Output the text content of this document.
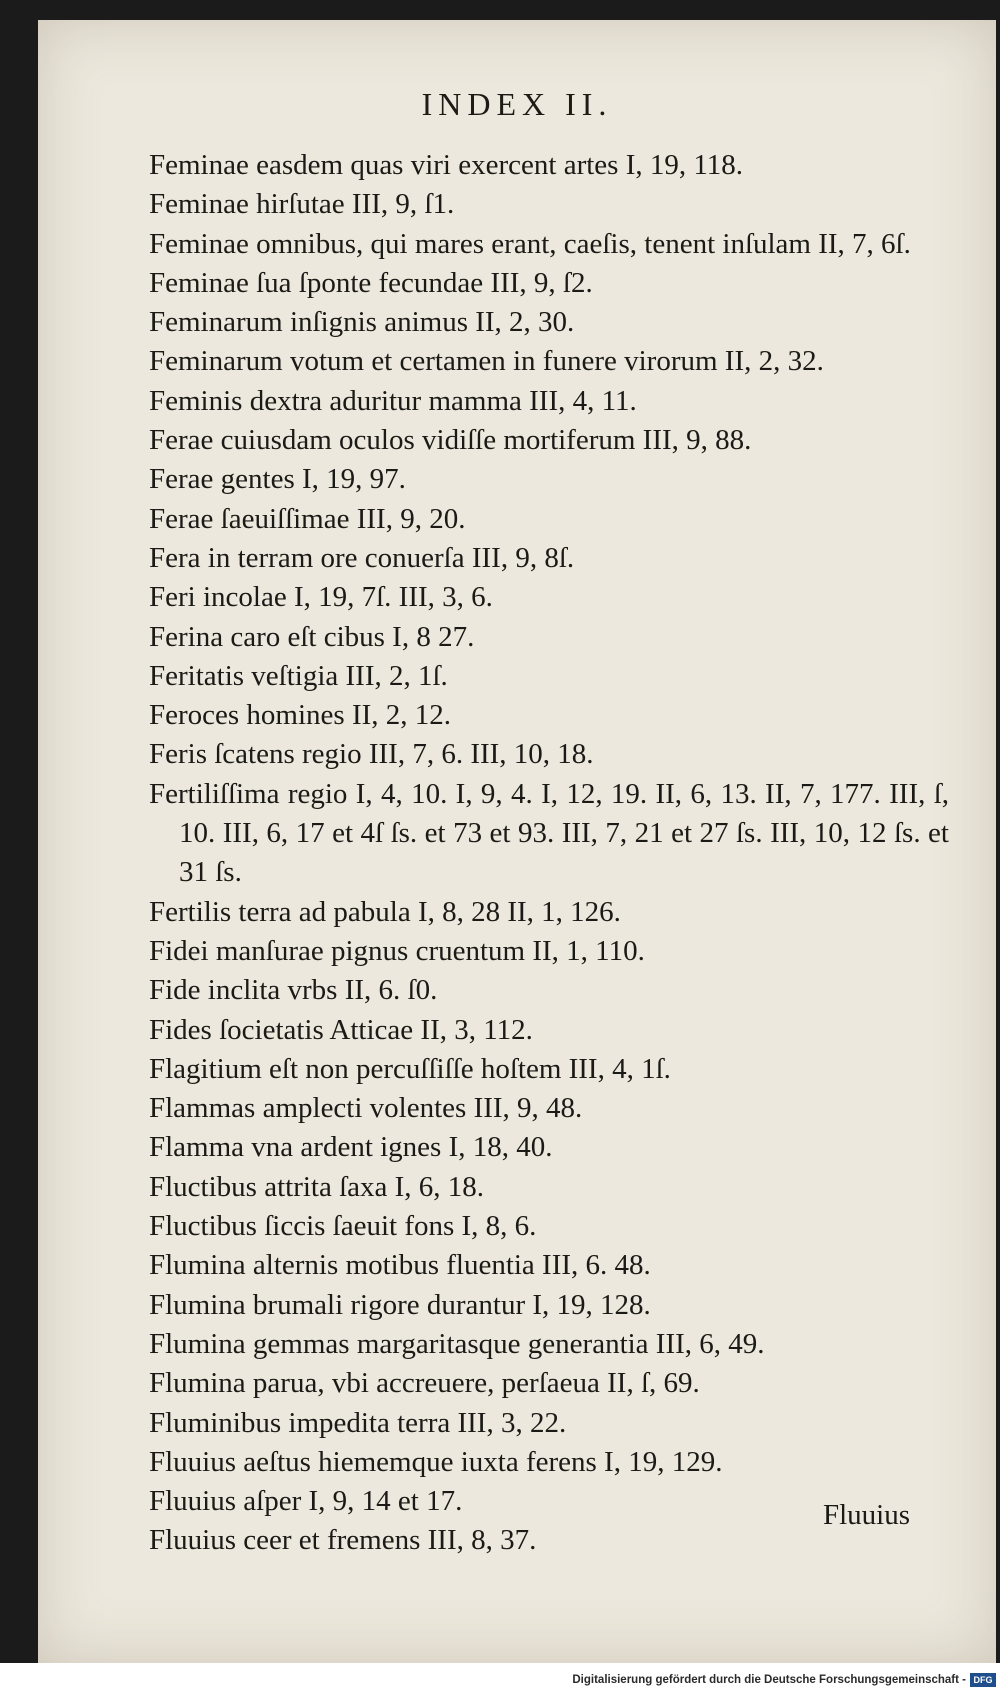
INDEX II.
Feminae easdem quas viri exercent artes I, 19, 118.
Feminae hirſutae III, 9, ſ1.
Feminae omnibus, qui mares erant, caeſis, tenent inſulam II, 7, 6ſ.
Feminae ſua ſponte fecundae III, 9, ſ2.
Feminarum inſignis animus II, 2, 30.
Feminarum votum et certamen in funere virorum II, 2, 32.
Feminis dextra aduritur mamma III, 4, 11.
Ferae cuiusdam oculos vidiſſe mortiferum III, 9, 88.
Ferae gentes I, 19, 97.
Ferae ſaeuiſſimae III, 9, 20.
Fera in terram ore conuerſa III, 9, 8ſ.
Feri incolae I, 19, 7ſ. III, 3, 6.
Ferina caro eſt cibus I, 8 27.
Feritatis veſtigia III, 2, 1ſ.
Feroces homines II, 2, 12.
Feris ſcatens regio III, 7, 6. III, 10, 18.
Fertiliſſima regio I, 4, 10. I, 9, 4. I, 12, 19. II, 6, 13. II, 7, 177. III, ſ, 10. III, 6, 17 et 4ſ ſs. et 73 et 93. III, 7, 21 et 27 ſs. III, 10, 12 ſs. et 31 ſs.
Fertilis terra ad pabula I, 8, 28 II, 1, 126.
Fidei manſurae pignus cruentum II, 1, 110.
Fide inclita vrbs II, 6. ſ0.
Fides ſocietatis Atticae II, 3, 112.
Flagitium eſt non percuſſiſſe hoſtem III, 4, 1ſ.
Flammas amplecti volentes III, 9, 48.
Flamma vna ardent ignes I, 18, 40.
Fluctibus attrita ſaxa I, 6, 18.
Fluctibus ſiccis ſaeuit fons I, 8, 6.
Flumina alternis motibus fluentia III, 6. 48.
Flumina brumali rigore durantur I, 19, 128.
Flumina gemmas margaritasque generantia III, 6, 49.
Flumina parua, vbi accreuere, perſaeua II, ſ, 69.
Fluminibus impedita terra III, 3, 22.
Fluuius aeſtus hiememque iuxta ferens I, 19, 129.
Fluuius aſper I, 9, 14 et 17.
Fluuius ceer et fremens III, 8, 37.
Fluuius
Digitalisierung gefördert durch die Deutsche Forschungsgemeinschaft - DFG
